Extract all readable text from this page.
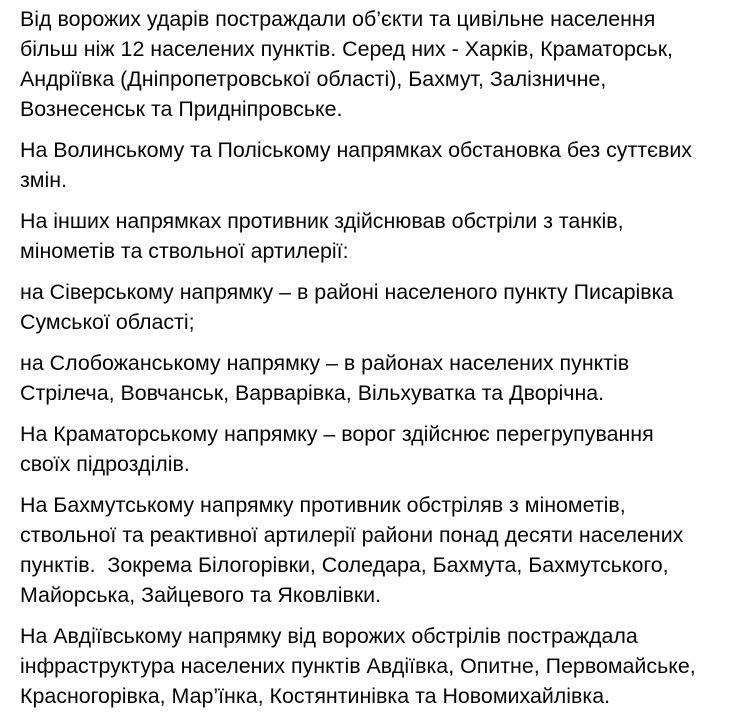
Від ворожих ударів постраждали об’єкти та цивільне населення
більш ніж 12 населених пунктів. Серед них - Харків, Краматорськ,
Андріївка (Дніпропетровської області), Бахмут, Залізничне,
Вознесенськ та Придніпровське.

На Волинському та Поліському напрямках обстановка без суттєвих
змін.

На інших напрямках противник здійснював обстріли з танків,
мінометів та ствольної артилерії:

на Сіверському напрямку – в районі населеного пункту Писарівка
Сумської області;

на Слобожанському напрямку – в районах населених пунктів
Стрілеча, Вовчанськ, Варварівка, Вільхуватка та Дворічна.

На Краматорському напрямку – ворог здійснює перегрупування
своїх підрозділів.

На Бахмутському напрямку противник обстріляв з мінометів,
ствольної та реактивної артилерії райони понад десяти населених
пунктів.  Зокрема Білогорівки, Соледара, Бахмута, Бахмутського,
Майорська, Зайцевого та Яковлівки.

На Авдіївському напрямку від ворожих обстрілів постраждала
інфраструктура населених пунктів Авдіївка, Опитне, Первомайське,
Красногорівка, Мар’їнка, Костянтинівка та Новомихайлівка.
